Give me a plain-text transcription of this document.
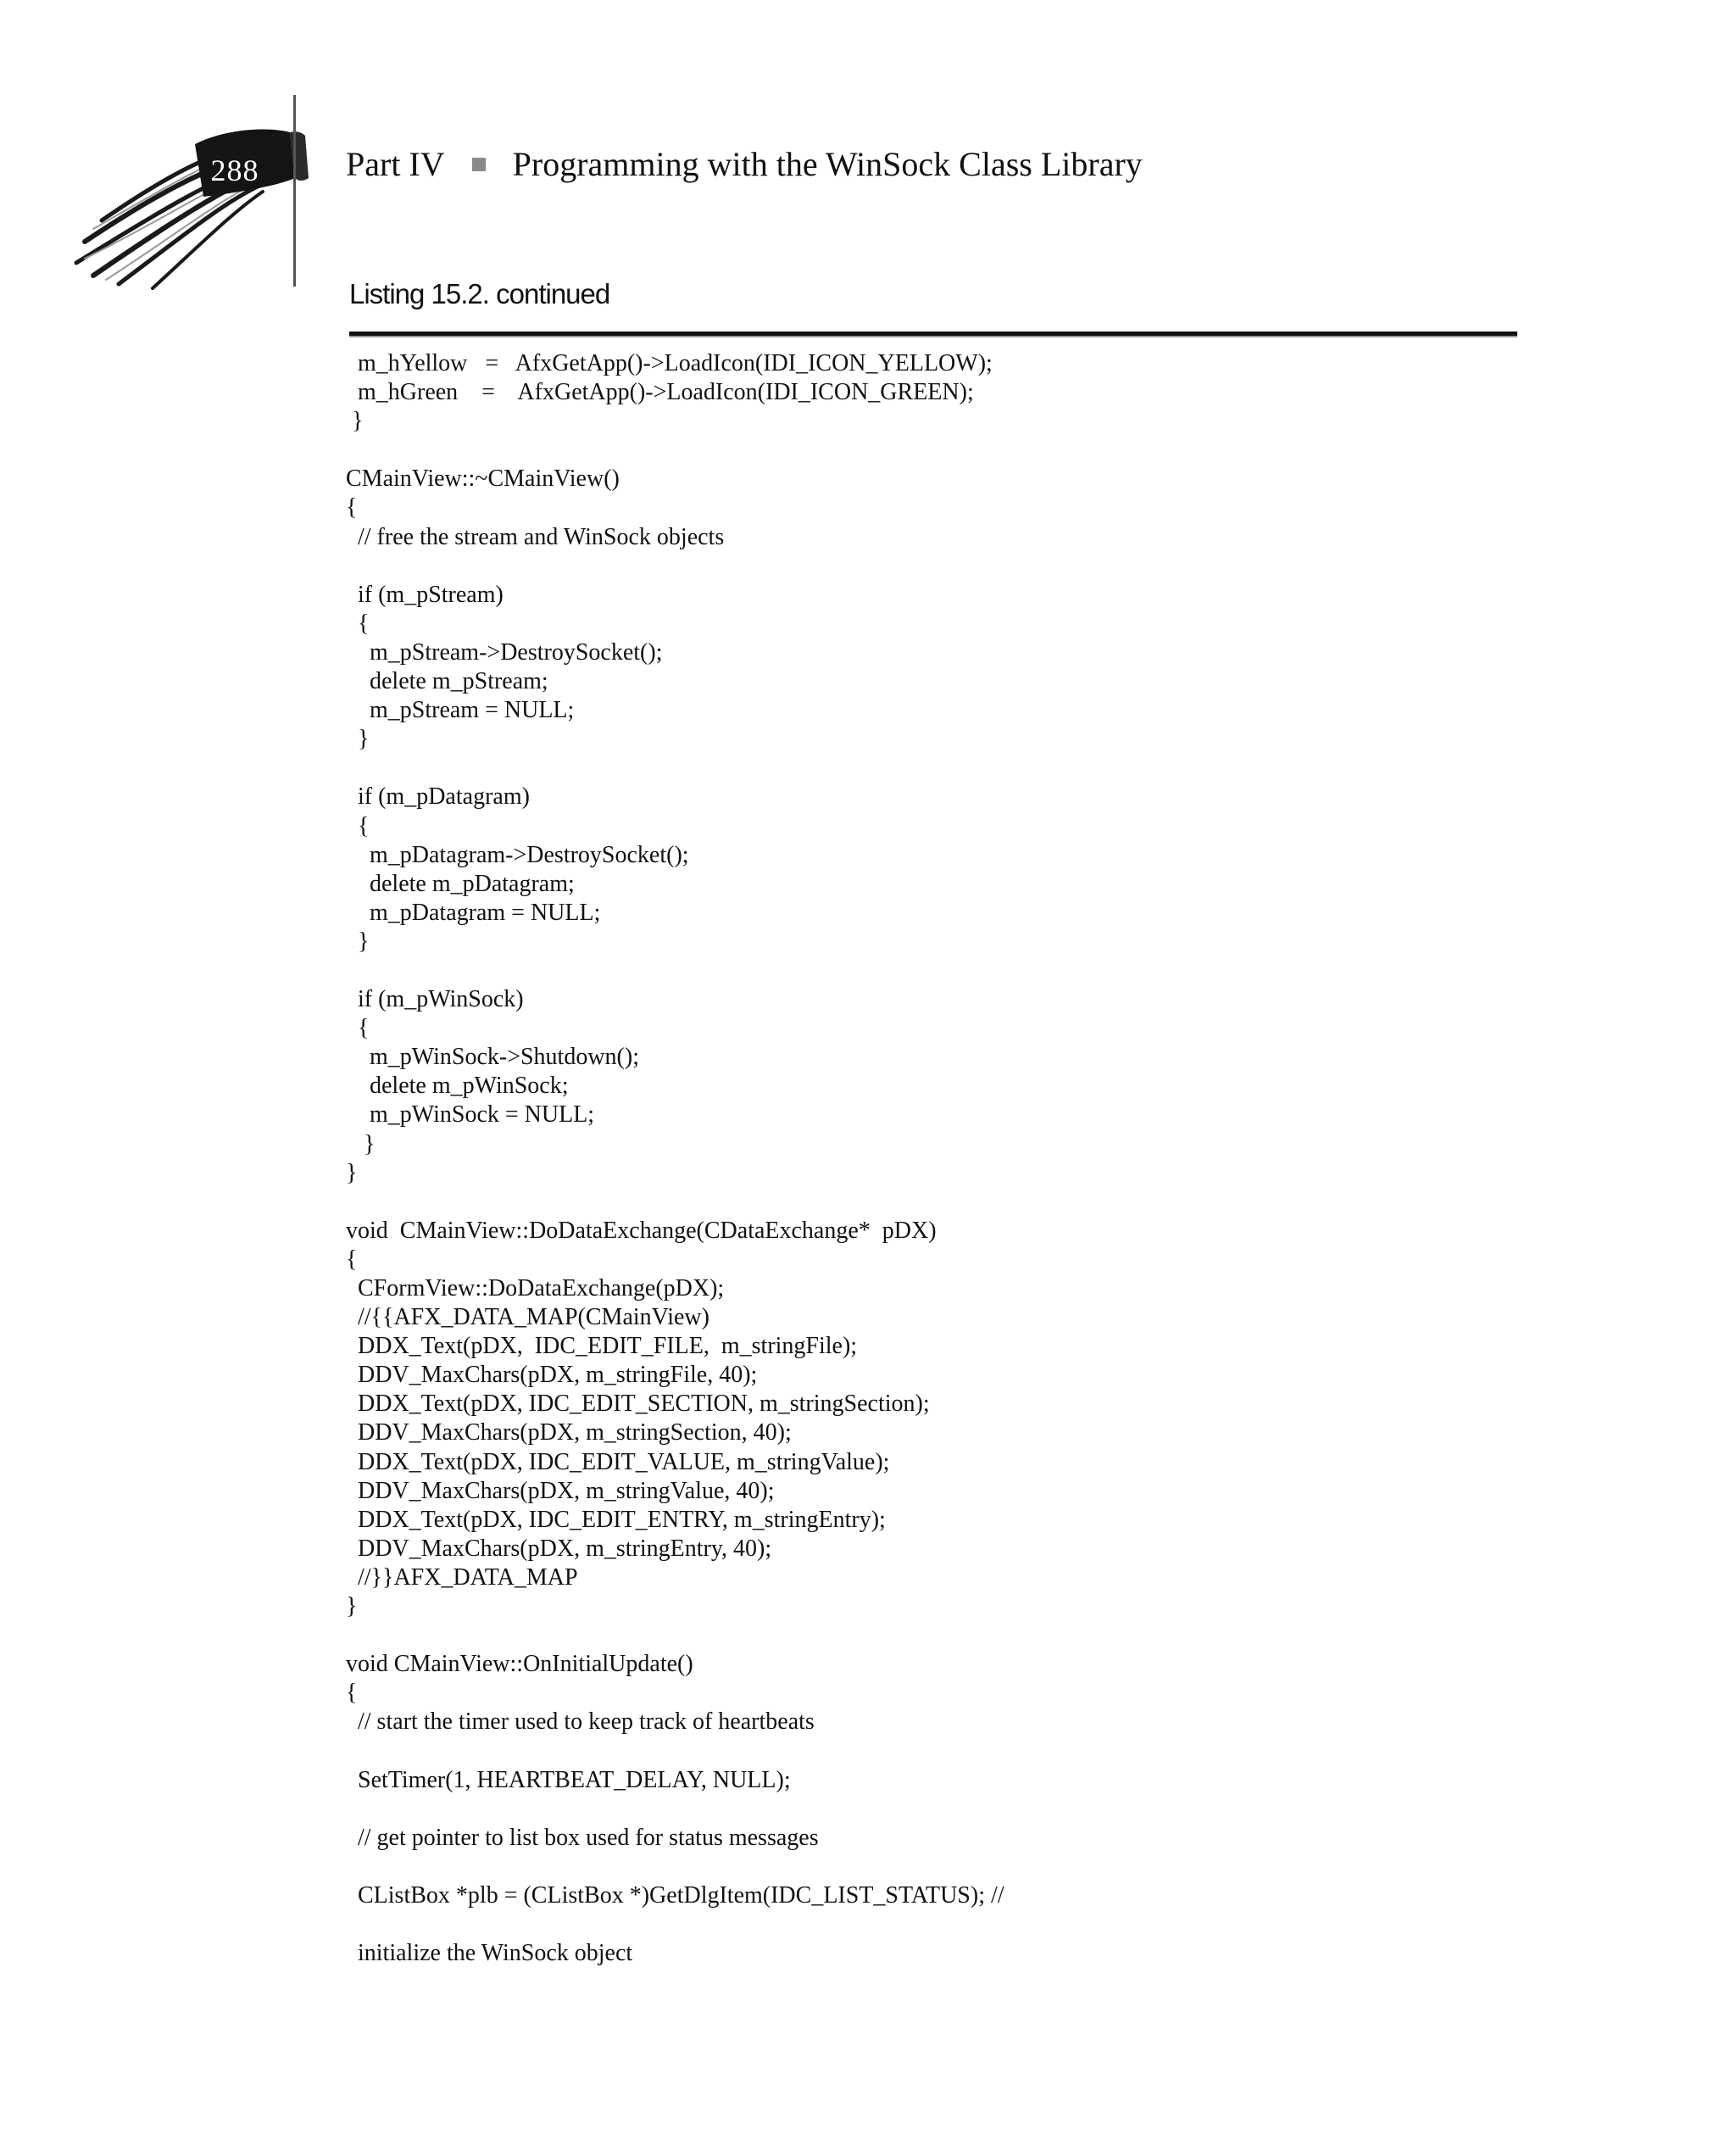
288	Part IV Programming with the WinSock Class Library
Listing 15.2. continued
m_hYellow   =   AfxGetApp()->LoadIcon(IDI_ICON_YELLOW);
m_hGreen    =    AfxGetApp()->LoadIcon(IDI_ICON_GREEN);
}
CMainView::~CMainView()
{
// free the stream and WinSock objects
if (m_pStream)
{
m_pStream->DestroySocket();
delete m_pStream;
m_pStream = NULL;
}
if (m_pDatagram)
{
m_pDatagram->DestroySocket();
delete m_pDatagram;
m_pDatagram = NULL;
}
if (m_pWinSock)
{
m_pWinSock->Shutdown();
delete m_pWinSock;
m_pWinSock = NULL;
}
}
void  CMainView::DoDataExchange(CDataExchange*  pDX)
{
CFormView::DoDataExchange(pDX);
//{{AFX_DATA_MAP(CMainView)
DDX_Text(pDX,  IDC_EDIT_FILE,  m_stringFile);
DDV_MaxChars(pDX, m_stringFile, 40);
DDX_Text(pDX, IDC_EDIT_SECTION, m_stringSection);
DDV_MaxChars(pDX, m_stringSection, 40);
DDX_Text(pDX, IDC_EDIT_VALUE, m_stringValue);
DDV_MaxChars(pDX, m_stringValue, 40);
DDX_Text(pDX, IDC_EDIT_ENTRY, m_stringEntry);
DDV_MaxChars(pDX, m_stringEntry, 40);
//}}AFX_DATA_MAP
}
void CMainView::OnInitialUpdate()
{
// start the timer used to keep track of heartbeats
SetTimer(1, HEARTBEAT_DELAY, NULL);
// get pointer to list box used for status messages
CListBox *plb = (CListBox *)GetDlgItem(IDC_LIST_STATUS); //
initialize the WinSock object
